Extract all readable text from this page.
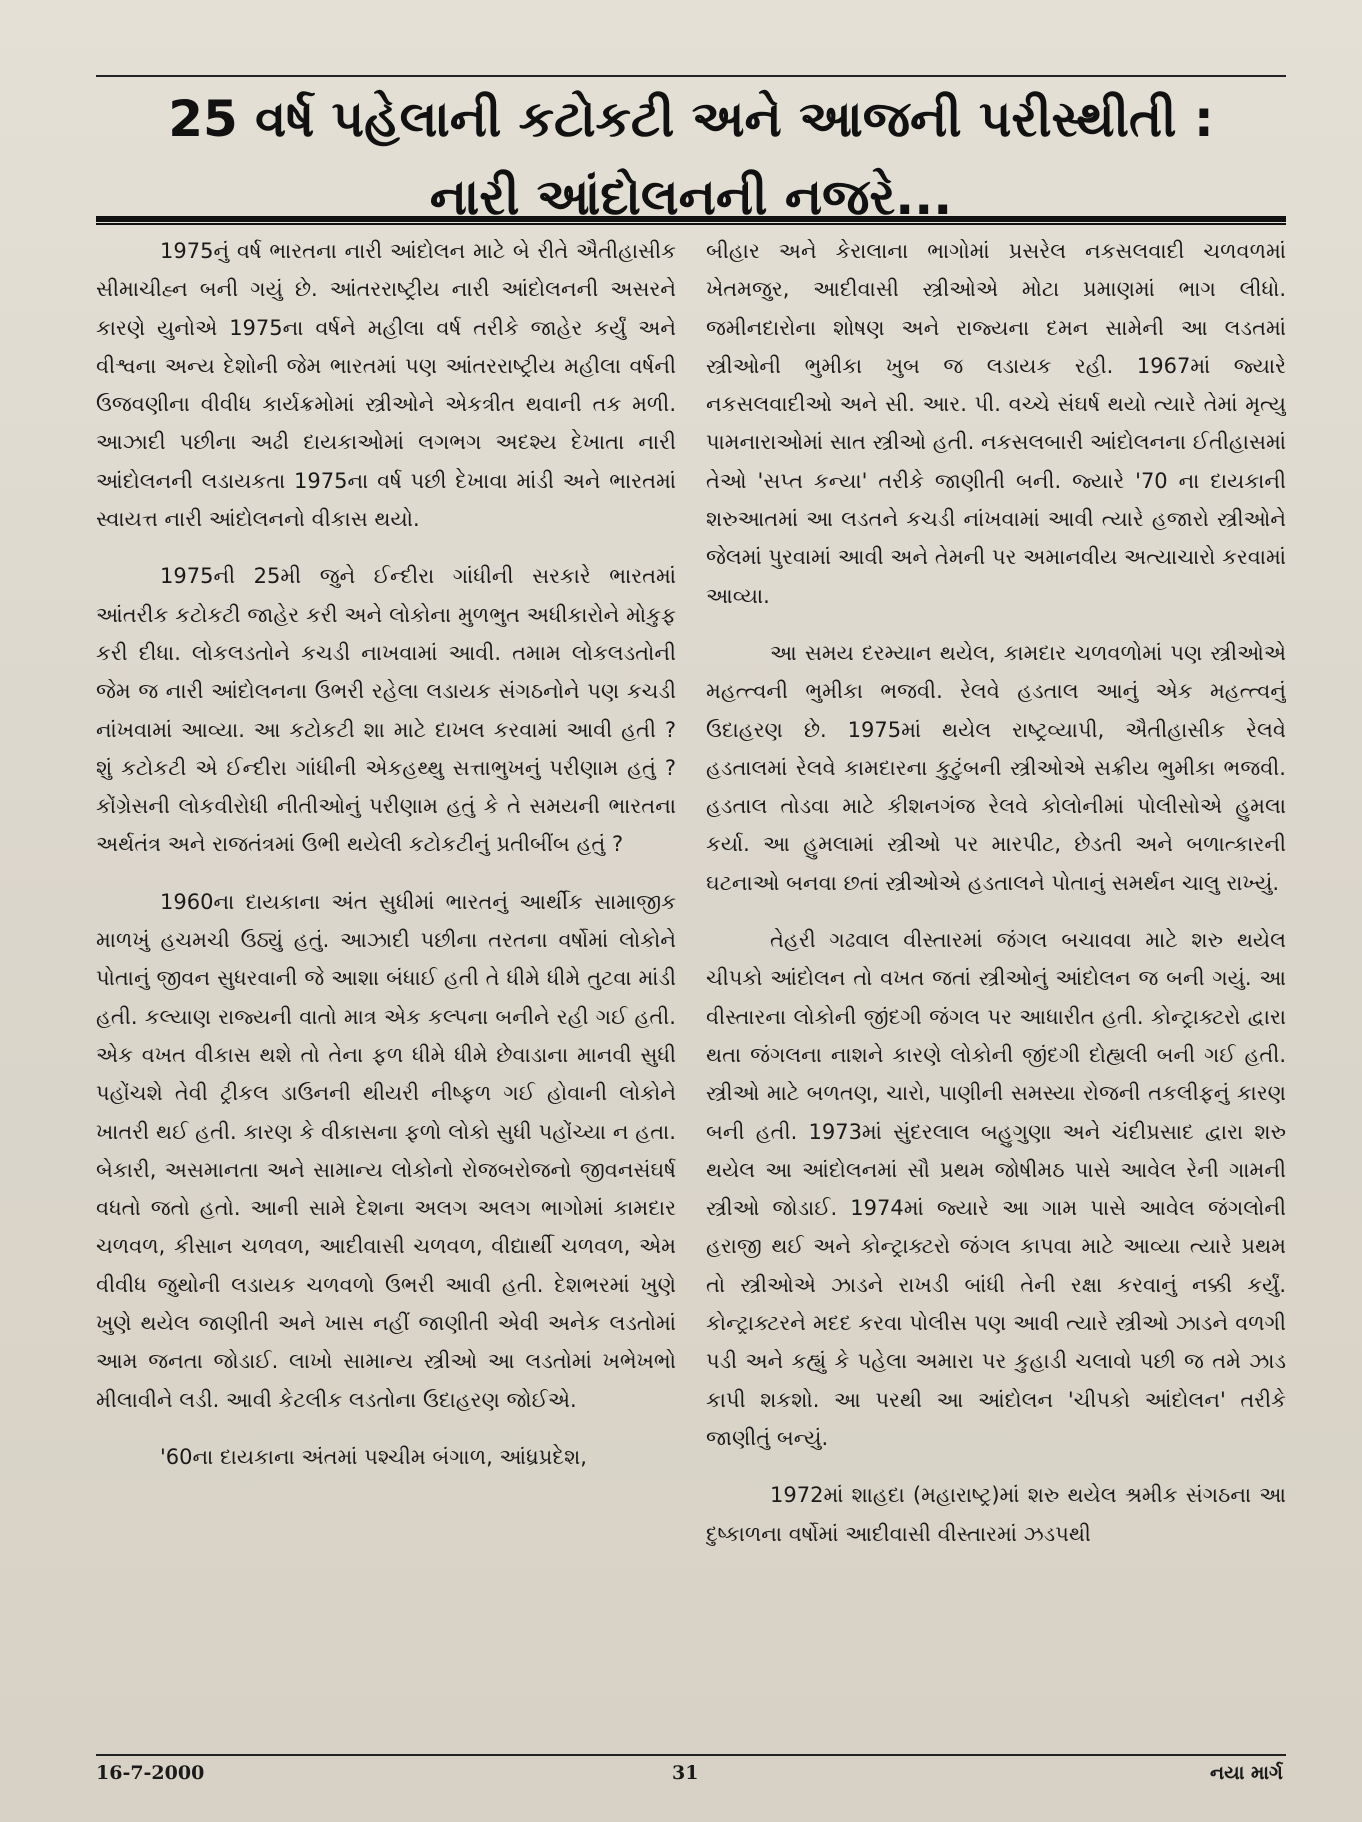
25 વર્ષ પહેલાની કટોકટી અને આજની પરીસ્થીતી :
નારી આંદોલનની નજરે...

1975નું વર્ષ ભારતના નારી આંદોલન માટે બે રીતે ઐતીહાસીક સીમાચીહ્ન બની ગયું છે. આંતરરાષ્ટ્રીય નારી આંદોલનની અસરને કારણે યુનોએ 1975ના વર્ષને મહીલા વર્ષ તરીકે જાહેર કર્યું અને વીશ્વના અન્ય દેશોની જેમ ભારતમાં પણ આંતરરાષ્ટ્રીય મહીલા વર્ષની ઉજવણીના વીવીધ કાર્યક્રમોમાં સ્ત્રીઓને એકત્રીત થવાની તક મળી. આઝાદી પછીના અઢી દાયકાઓમાં લગભગ અદશ્ય દેખાતા નારી આંદોલનની લડાયકતા 1975ના વર્ષ પછી દેખાવા માંડી અને ભારતમાં સ્વાયત્ત નારી આંદોલનનો વીકાસ થયો.

1975ની 25મી જુને ઈન્દીરા ગાંધીની સરકારે ભારતમાં આંતરીક કટોકટી જાહેર કરી અને લોકોના મુળભુત અધીકારોને મોકુફ કરી દીધા. લોકલડતોને કચડી નાખવામાં આવી. તમામ લોકલડતોની જેમ જ નારી આંદોલનના ઉભરી રહેલા લડાયક સંગઠનોને પણ કચડી નાંખવામાં આવ્યા. આ કટોકટી શા માટે દાખલ કરવામાં આવી હતી ? શું કટોકટી એ ઈન્દીરા ગાંધીની એકહથ્થુ સત્તાભુખનું પરીણામ હતું ? કોંગ્રેસની લોકવીરોધી નીતીઓનું પરીણામ હતું કે તે સમયની ભારતના અર્થતંત્ર અને રાજતંત્રમાં ઉભી થયેલી કટોકટીનું પ્રતીબીંબ હતું ?

1960ના દાયકાના અંત સુધીમાં ભારતનું આર્થીક સામાજીક માળખું હચમચી ઉઠ્યું હતું. આઝાદી પછીના તરતના વર્ષોમાં લોકોને પોતાનું જીવન સુધરવાની જે આશા બંધાઈ હતી તે ધીમે ધીમે તુટવા માંડી હતી. કલ્યાણ રાજ્યની વાતો માત્ર એક કલ્પના બનીને રહી ગઈ હતી. એક વખત વીકાસ થશે તો તેના ફળ ધીમે ધીમે છેવાડાના માનવી સુધી પહોંચશે તેવી ટ્રીકલ ડાઉનની થીયરી નીષ્ફળ ગઈ હોવાની લોકોને ખાતરી થઈ હતી. કારણ કે વીકાસના ફળો લોકો સુધી પહોંચ્યા ન હતા. બેકારી, અસમાનતા અને સામાન્ય લોકોનો રોજબરોજનો જીવનસંઘર્ષ વધતો જતો હતો. આની સામે દેશના અલગ અલગ ભાગોમાં કામદાર ચળવળ, કીસાન ચળવળ, આદીવાસી ચળવળ, વીદ્યાર્થી ચળવળ, એમ વીવીધ જુથોની લડાયક ચળવળો ઉભરી આવી હતી. દેશભરમાં ખુણે ખુણે થયેલ જાણીતી અને ખાસ નહીં જાણીતી એવી અનેક લડતોમાં આમ જનતા જોડાઈ. લાખો સામાન્ય સ્ત્રીઓ આ લડતોમાં ખભેખભો મીલાવીને લડી. આવી કેટલીક લડતોના ઉદાહરણ જોઈએ.

'60ના દાયકાના અંતમાં પશ્ચીમ બંગાળ, આંધ્રપ્રદેશ,

બીહાર અને કેરાલાના ભાગોમાં પ્રસરેલ નકસલવાદી ચળવળમાં ખેતમજુર, આદીવાસી સ્ત્રીઓએ મોટા પ્રમાણમાં ભાગ લીધો. જમીનદારોના શોષણ અને રાજ્યના દમન સામેની આ લડતમાં સ્ત્રીઓની ભુમીકા ખુબ જ લડાયક રહી. 1967માં જ્યારે નકસલવાદીઓ અને સી. આર. પી. વચ્ચે સંઘર્ષ થયો ત્યારે તેમાં મૃત્યુ પામનારાઓમાં સાત સ્ત્રીઓ હતી. નકસલબારી આંદોલનના ઈતીહાસમાં તેઓ 'સપ્ત કન્યા' તરીકે જાણીતી બની. જ્યારે '70 ના દાયકાની શરુઆતમાં આ લડતને કચડી નાંખવામાં આવી ત્યારે હજારો સ્ત્રીઓને જેલમાં પુરવામાં આવી અને તેમની પર અમાનવીય અત્યાચારો કરવામાં આવ્યા.

આ સમય દરમ્યાન થયેલ, કામદાર ચળવળોમાં પણ સ્ત્રીઓએ મહત્ત્વની ભુમીકા ભજવી. રેલવે હડતાલ આનું એક મહત્ત્વનું ઉદાહરણ છે. 1975માં થયેલ રાષ્ટ્રવ્યાપી, ઐતીહાસીક રેલવે હડતાલમાં રેલવે કામદારના કુટુંબની સ્ત્રીઓએ સક્રીય ભુમીકા ભજવી. હડતાલ તોડવા માટે કીશનગંજ રેલવે કોલોનીમાં પોલીસોએ હુમલા કર્યા. આ હુમલામાં સ્ત્રીઓ પર મારપીટ, છેડતી અને બળાત્કારની ઘટનાઓ બનવા છતાં સ્ત્રીઓએ હડતાલને પોતાનું સમર્થન ચાલુ રાખ્યું.

તેહરી ગઢવાલ વીસ્તારમાં જંગલ બચાવવા માટે શરુ થયેલ ચીપકો આંદોલન તો વખત જતાં સ્ત્રીઓનું આંદોલન જ બની ગયું. આ વીસ્તારના લોકોની જીંદગી જંગલ પર આધારીત હતી. કોન્ટ્રાક્ટરો દ્વારા થતા જંગલના નાશને કારણે લોકોની જીંદગી દોહ્યલી બની ગઈ હતી. સ્ત્રીઓ માટે બળતણ, ચારો, પાણીની સમસ્યા રોજની તકલીફનું કારણ બની હતી. 1973માં સુંદરલાલ બહુગુણા અને ચંદીપ્રસાદ દ્વારા શરુ થયેલ આ આંદોલનમાં સૌ પ્રથમ જોષીમઠ પાસે આવેલ રેની ગામની સ્ત્રીઓ જોડાઈ. 1974માં જ્યારે આ ગામ પાસે આવેલ જંગલોની હરાજી થઈ અને કોન્ટ્રાક્ટરો જંગલ કાપવા માટે આવ્યા ત્યારે પ્રથમ તો સ્ત્રીઓએ ઝાડને રાખડી બાંધી તેની રક્ષા કરવાનું નક્કી કર્યું. કોન્ટ્રાક્ટરને મદદ કરવા પોલીસ પણ આવી ત્યારે સ્ત્રીઓ ઝાડને વળગી પડી અને કહ્યું કે પહેલા અમારા પર કુહાડી ચલાવો પછી જ તમે ઝાડ કાપી શકશો. આ પરથી આ આંદોલન 'ચીપકો આંદોલન' તરીકે જાણીતું બન્યું.

1972માં શાહદા (મહારાષ્ટ્ર)માં શરુ થયેલ શ્રમીક સંગઠના આ દુષ્કાળના વર્ષોમાં આદીવાસી વીસ્તારમાં ઝડપથી

16-7-2000	31	નયા માર્ગ
